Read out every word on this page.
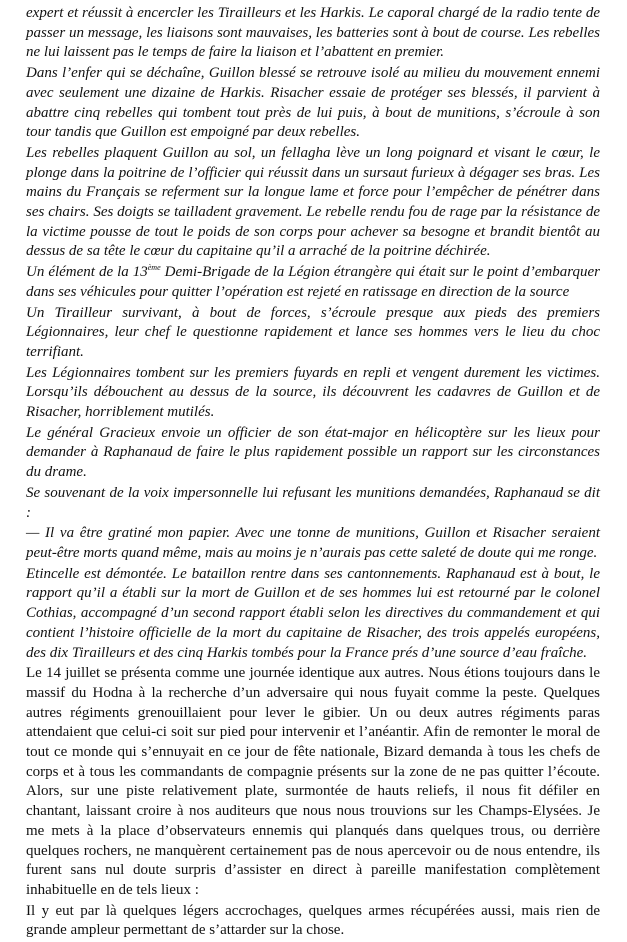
expert et réussit à encercler les Tirailleurs et les Harkis. Le caporal chargé de la radio tente de passer un message, les liaisons sont mauvaises, les batteries sont à bout de course. Les rebelles ne lui laissent pas le temps de faire la liaison et l’abattent en premier.

Dans l’enfer qui se déchaîne, Guillon blessé se retrouve isolé au milieu du mouvement ennemi avec seulement une dizaine de Harkis. Risacher essaie de protéger ses blessés, il parvient à abattre cinq rebelles qui tombent tout près de lui puis, à bout de munitions, s’écroule à son tour tandis que Guillon est empoigné par deux rebelles.

Les rebelles plaquent Guillon au sol, un fellagha lève un long poignard et visant le cœur, le plonge dans la poitrine de l’officier qui réussit dans un sursaut furieux à dégager ses bras. Les mains du Français se referment sur la longue lame et force pour l’empêcher de pénétrer dans ses chairs. Ses doigts se tailladent gravement. Le rebelle rendu fou de rage par la résistance de la victime pousse de tout le poids de son corps pour achever sa besogne et brandit bientôt au dessus de sa tête le cœur du capitaine qu’il a arraché de la poitrine déchirée.

Un élément de la 13ème Demi-Brigade de la Légion étrangère qui était sur le point d’embarquer dans ses véhicules pour quitter l’opération est rejeté en ratissage en direction de la source

Un Tirailleur survivant, à bout de forces, s’écroule presque aux pieds des premiers Légionnaires, leur chef le questionne rapidement et lance ses hommes vers le lieu du choc terrifiant.

Les Légionnaires tombent sur les premiers fuyards en repli et vengent durement les victimes. Lorsqu’ils débouchent au dessus de la source, ils découvrent les cadavres de Guillon et de Risacher, horriblement mutilés.

Le général Gracieux envoie un officier de son état-major en hélicoptère sur les lieux pour demander à Raphanaud de faire le plus rapidement possible un rapport sur les circonstances du drame.

Se souvenant de la voix impersonnelle lui refusant les munitions demandées, Raphanaud se dit :

— Il va être gratiné mon papier. Avec une tonne de munitions, Guillon et Risacher seraient peut-être morts quand même, mais au moins je n’aurais pas cette saleté de doute qui me ronge.

Etincelle est démontée. Le bataillon rentre dans ses cantonnements. Raphanaud est à bout, le rapport qu’il a établi sur la mort de Guillon et de ses hommes lui est retourné par le colonel Cothias, accompagné d’un second rapport établi selon les directives du commandement et qui contient l’histoire officielle de la mort du capitaine de Risacher, des trois appelés européens, des dix Tirailleurs et des cinq Harkis tombés pour la France prés d’une source d’eau fraîche.

Le 14 juillet se présenta comme une journée identique aux autres. Nous étions toujours dans le massif du Hodna à la recherche d’un adversaire qui nous fuyait comme la peste. Quelques autres régiments grenouillaient pour lever le gibier. Un ou deux autres régiments paras attendaient que celui-ci soit sur pied pour intervenir et l’anéantir. Afin de remonter le moral de tout ce monde qui s’ennuyait en ce jour de fête nationale, Bizard demanda à tous les chefs de corps et à tous les commandants de compagnie présents sur la zone de ne pas quitter l’écoute. Alors, sur une piste relativement plate, surmontée de hauts reliefs, il nous fit défiler en chantant, laissant croire à nos auditeurs que nous nous trouvions sur les Champs-Elysées. Je me mets à la place d’observateurs ennemis qui planqués dans quelques trous, ou derrière quelques rochers, ne manquèrent certainement pas de nous apercevoir ou de nous entendre, ils furent sans nul doute surpris d’assister en direct à pareille manifestation complètement inhabituelle en de tels lieux :

Il y eut par là quelques légers accrochages, quelques armes récupérées aussi, mais rien de grande ampleur permettant de s’attarder sur la chose.
